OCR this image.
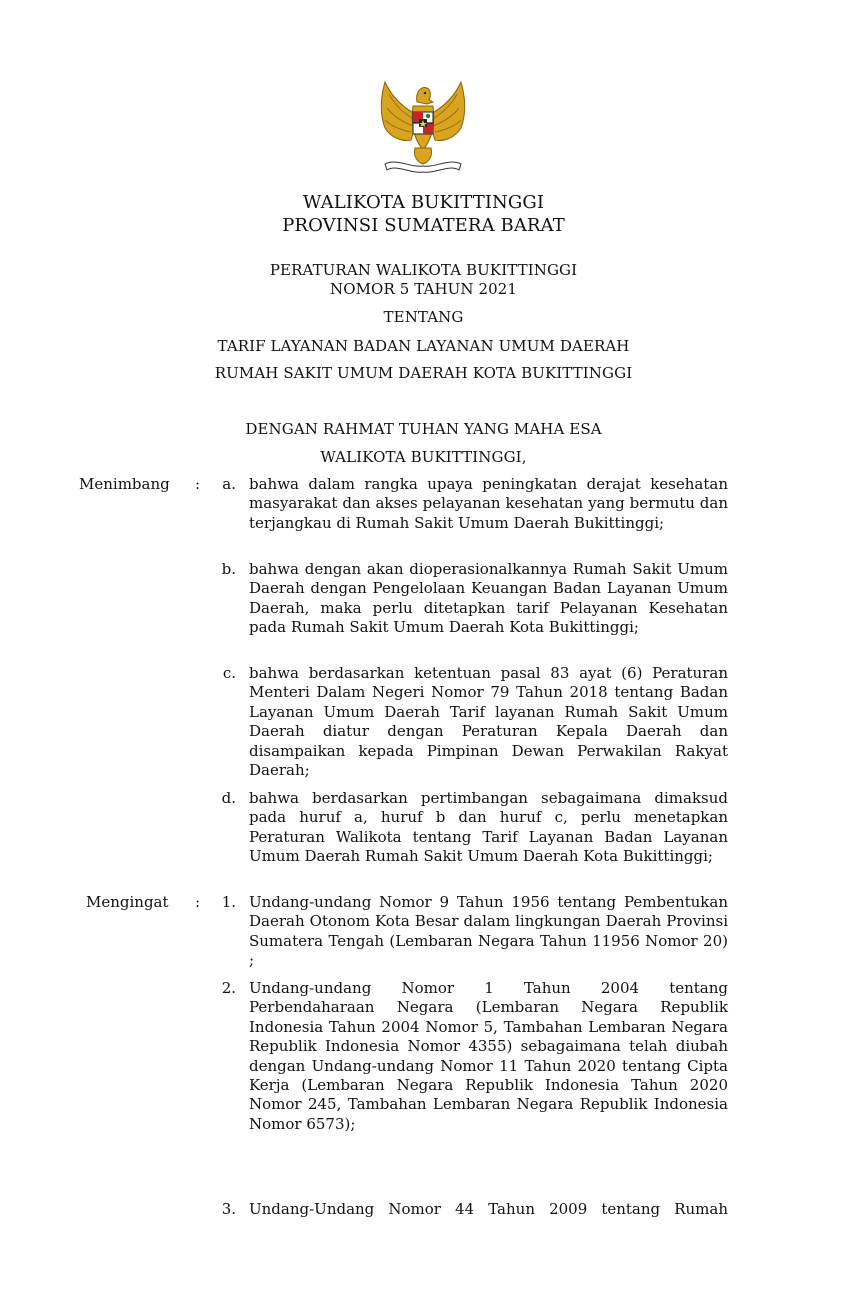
WALIKOTA BUKITTINGGI
PROVINSI SUMATERA BARAT
PERATURAN WALIKOTA BUKITTINGGI
NOMOR 5 TAHUN 2021
TENTANG
TARIF LAYANAN BADAN LAYANAN UMUM DAERAH
RUMAH SAKIT UMUM DAERAH KOTA BUKITTINGGI
DENGAN RAHMAT TUHAN YANG MAHA ESA
WALIKOTA BUKITTINGGI,
Menimbang :	a. bahwa dalam rangka upaya peningkatan derajat kesehatan masyarakat dan akses pelayanan kesehatan yang bermutu dan terjangkau di Rumah Sakit Umum Daerah Bukittinggi;
b. bahwa dengan akan dioperasionalkannya Rumah Sakit Umum Daerah dengan Pengelolaan Keuangan Badan Layanan Umum Daerah, maka perlu ditetapkan tarif Pelayanan Kesehatan pada Rumah Sakit Umum Daerah Kota Bukittinggi;
c. bahwa berdasarkan ketentuan pasal 83 ayat (6) Peraturan Menteri Dalam Negeri Nomor 79 Tahun 2018 tentang Badan Layanan Umum Daerah Tarif layanan Rumah Sakit Umum Daerah diatur dengan Peraturan Kepala Daerah dan disampaikan kepada Pimpinan Dewan Perwakilan Rakyat Daerah;
d. bahwa berdasarkan pertimbangan sebagaimana dimaksud pada huruf a, huruf b dan huruf c, perlu menetapkan Peraturan Walikota tentang Tarif Layanan Badan Layanan Umum Daerah Rumah Sakit Umum Daerah Kota Bukittinggi;
Mengingat :	1. Undang-undang Nomor 9 Tahun 1956 tentang Pembentukan Daerah Otonom Kota Besar dalam lingkungan Daerah Provinsi Sumatera Tengah (Lembaran Negara Tahun 11956 Nomor 20) ;
2. Undang-undang Nomor 1 Tahun 2004 tentang Perbendaharaan Negara (Lembaran Negara Republik Indonesia Tahun 2004 Nomor 5, Tambahan Lembaran Negara Republik Indonesia Nomor 4355) sebagaimana telah diubah dengan Undang-undang Nomor 11 Tahun 2020 tentang Cipta Kerja (Lembaran Negara Republik Indonesia Tahun 2020 Nomor 245, Tambahan Lembaran Negara Republik Indonesia Nomor 6573);
3. Undang-Undang Nomor 44 Tahun 2009 tentang Rumah
